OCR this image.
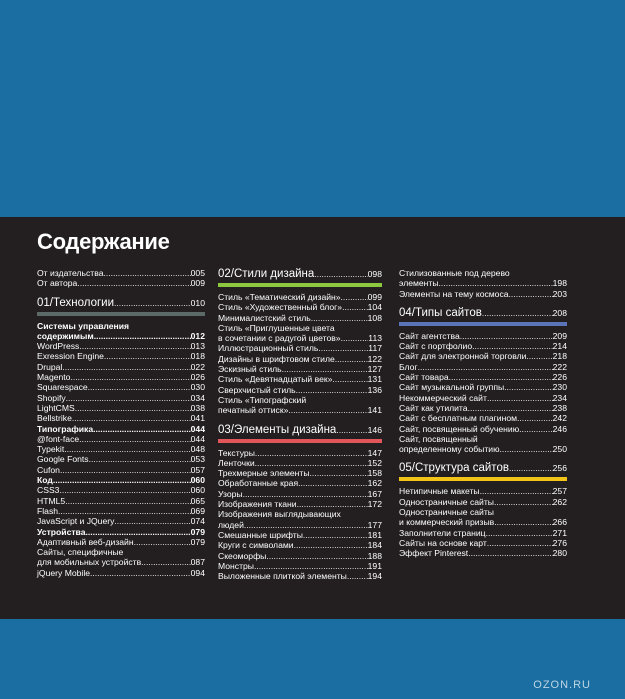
Содержание
От издательства .....	005
От автора .....	009
01/Технологии .....	010
Системы управления
содержимым .....	012
WordPress .....	013
Exression Engine .....	018
Drupal .....	022
Magento .....	026
Squarespace .....	030
Shopify .....	034
LightCMS .....	038
Bellstrike .....	041
Типографика .....	044
@font-face .....	044
Typekit .....	048
Google Fonts .....	053
Cufon .....	057
Код .....	060
CSS3 .....	060
HTML5 .....	065
Flash .....	069
JavaScript и JQuery .....	074
Устройства .....	079
Адаптивный веб-дизайн .....	079
Сайты, специфичные
для мобильных устройств .....	087
jQuery Mobile .....	094
02/Стили дизайна .....	098
Стиль «Тематический дизайн» .....	099
Стиль «Художественный блог» .....	104
Минималистский стиль .....	108
Стиль «Приглушенные цвета
в сочетании с радугой цветов» .....	113
Иллюстрационный стиль .....	117
Дизайны в шрифтовом стиле .....	122
Эскизный стиль .....	127
Стиль «Девятнадцатый век» .....	131
Сверхчистый стиль .....	136
Стиль «Типографский
печатный оттиск» .....	141
03/Элементы дизайна .....	146
Текстуры .....	147
Ленточки .....	152
Трехмерные элементы .....	158
Обработанные края .....	162
Узоры .....	167
Изображения ткани .....	172
Изображения выглядывающих
людей .....	177
Смешанные шрифты .....	181
Круги с символами .....	184
Скеоморфы .....	188
Монстры .....	191
Выложенные плиткой элементы ..... 194
Стилизованные под дерево
элементы .....	198
Элементы на тему космоса .....	203
04/Типы сайтов .....	208
Сайт агентства .....	209
Сайт с портфолио .....	214
Сайт для электронной торговли .....	218
Блог .....	222
Сайт товара .....	226
Сайт музыкальной группы .....	230
Некоммерческий сайт .....	234
Сайт как утилита .....	238
Сайт с бесплатным плагином .....	242
Сайт, посвященный обучению .....	246
Сайт, посвященный
определенному событию .....	250
05/Структура сайтов .....	256
Нетипичные макеты .....	257
Одностраничные сайты .....	262
Одностраничные сайты
и коммерческий призыв .....	266
Заполнители страниц .....	271
Сайты на основе карт .....	276
Эффект Pinterest .....	280
OZON.RU
